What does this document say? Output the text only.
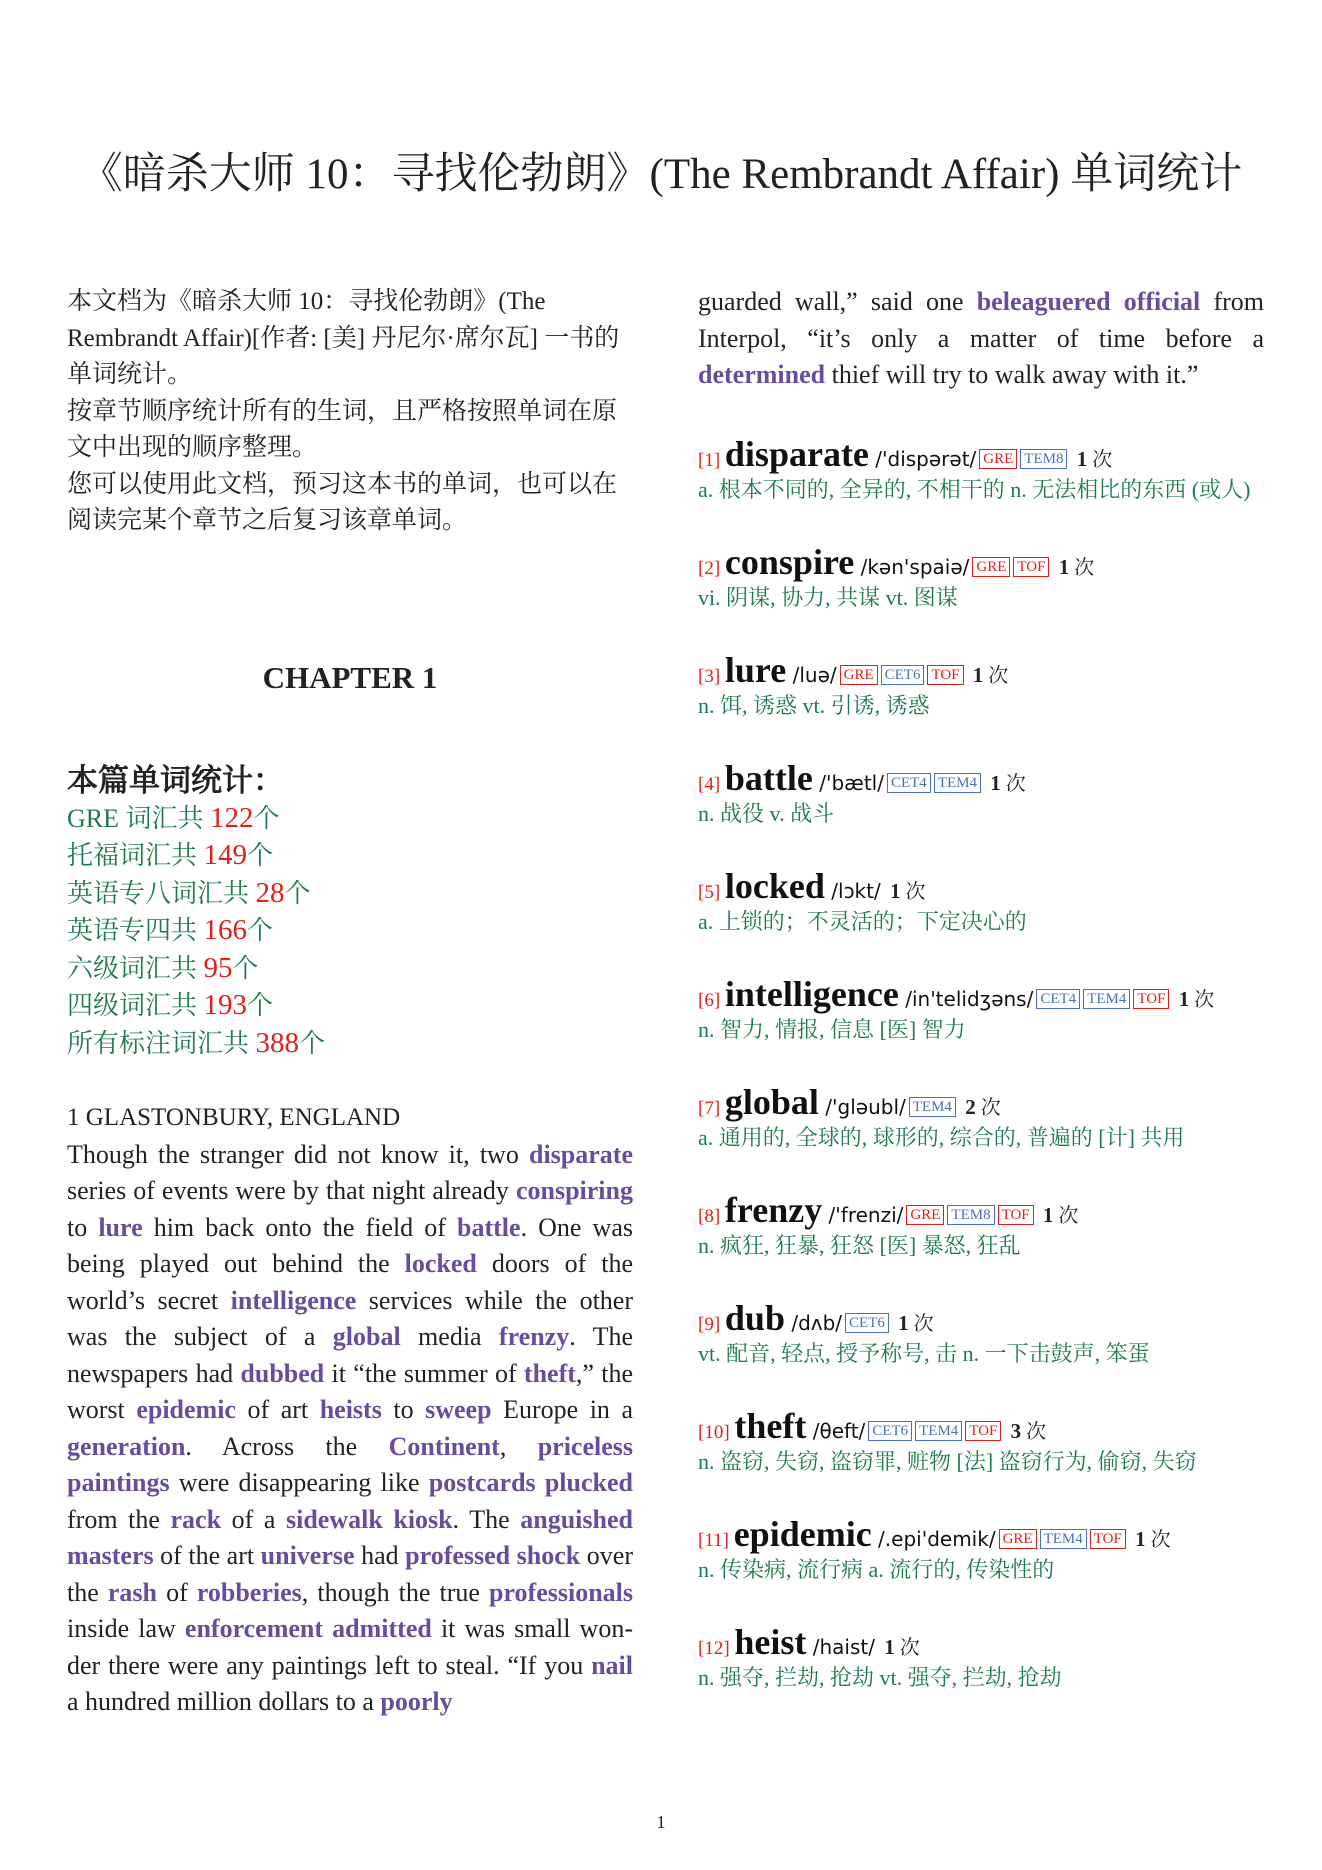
《暗杀大师 10：寻找伦勃朗》(The Rembrandt Affair) 单词统计

本文档为《暗杀大师 10：寻找伦勃朗》(The Rembrandt Affair)[作者: [美] 丹尼尔·席尔瓦] 一书的单词统计。

按章节顺序统计所有的生词，且严格按照单词在原文中出现的顺序整理。

您可以使用此文档，预习这本书的单词，也可以在阅读完某个章节之后复习该章单词。

CHAPTER 1
本篇单词统计：
GRE 词汇共 122个
托福词汇共 149个
英语专八词汇共 28个
英语专四共 166个
六级词汇共 95个
四级词汇共 193个
所有标注词汇共 388个
1 GLASTONBURY, ENGLAND

Though the stranger did not know it, two disparate series of events were by that night already conspiring to lure him back onto the field of battle. One was being played out behind the locked doors of the world’s secret intelligence services while the other was the subject of a global media frenzy. The newspapers had dubbed it “the summer of theft,” the worst epidemic of art heists to sweep Europe in a generation. Across the Continent, priceless paintings were disappearing like postcards plucked from the rack of a sidewalk kiosk. The anguished masters of the art universe had professed shock over the rash of robberies, though the true professionals inside law enforcement admitted it was small wonder there were any paintings left to steal. “If you nail a hundred million dollars to a poorly

guarded wall,” said one beleaguered official from Interpol, “it’s only a matter of time before a determined thief will try to walk away with it.”

[1] disparate /'dispərət/ GRE TEM8 1 次
a. 根本不同的, 全异的, 不相干的 n. 无法相比的东西 (或人)
[2] conspire /kən'spaiə/ GRE TOF 1 次
vi. 阴谋, 协力, 共谋 vt. 图谋
[3] lure /luə/ GRE CET6 TOF 1 次
n. 饵, 诱惑 vt. 引诱, 诱惑
[4] battle /'bætl/ CET4 TEM4 1 次
n. 战役 v. 战斗
[5] locked /lɔkt/ 1 次
a. 上锁的；不灵活的；下定决心的
[6] intelligence /in'telidʒəns/ CET4 TEM4 TOF 1 次
n. 智力, 情报, 信息 [医] 智力
[7] global /'gləubl/ TEM4 2 次
a. 通用的, 全球的, 球形的, 综合的, 普遍的 [计] 共用
[8] frenzy /'frenzi/ GRE TEM8 TOF 1 次
n. 疯狂, 狂暴, 狂怒 [医] 暴怒, 狂乱
[9] dub /dʌb/ CET6 1 次
vt. 配音, 轻点, 授予称号, 击 n. 一下击鼓声, 笨蛋
[10] theft /θeft/ CET6 TEM4 TOF 3 次
n. 盗窃, 失窃, 盗窃罪, 赃物 [法] 盗窃行为, 偷窃, 失窃
[11] epidemic /.epi'demik/ GRE TEM4 TOF 1 次
n. 传染病, 流行病 a. 流行的, 传染性的
[12] heist /haist/ 1 次
n. 强夺, 拦劫, 抢劫 vt. 强夺, 拦劫, 抢劫
1
